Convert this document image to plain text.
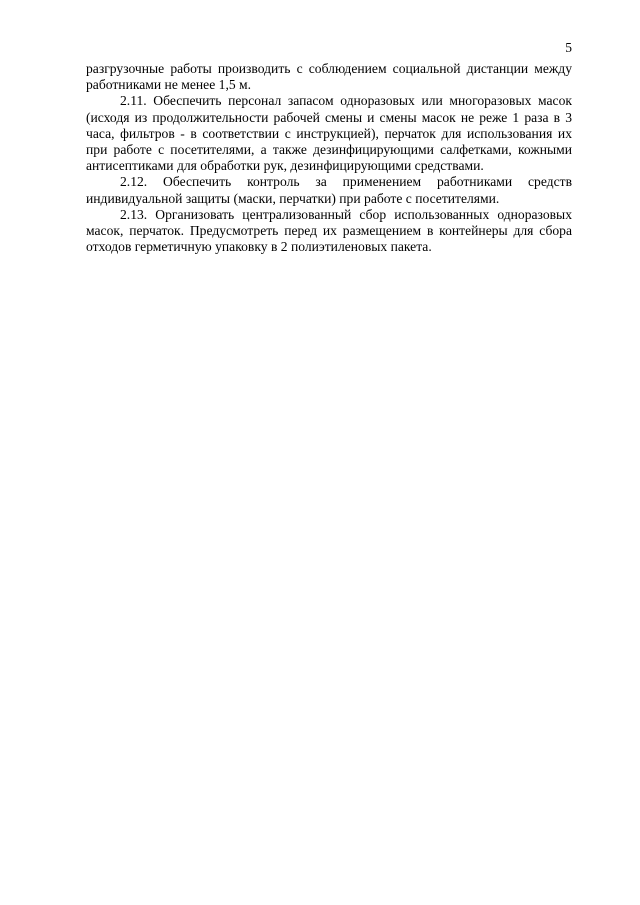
5

разгрузочные работы производить с соблюдением социальной дистанции между работниками не менее 1,5 м.

2.11. Обеспечить персонал запасом одноразовых или многоразовых масок (исходя из продолжительности рабочей смены и смены масок не реже 1 раза в 3 часа, фильтров - в соответствии с инструкцией), перчаток для использования их при работе с посетителями, а также дезинфицирующими салфетками, кожными антисептиками для обработки рук, дезинфицирующими средствами.

2.12. Обеспечить контроль за применением работниками средств индивидуальной защиты (маски, перчатки) при работе с посетителями.

2.13. Организовать централизованный сбор использованных одноразовых масок, перчаток. Предусмотреть перед их размещением в контейнеры для сбора отходов герметичную упаковку в 2 полиэтиленовых пакета.
